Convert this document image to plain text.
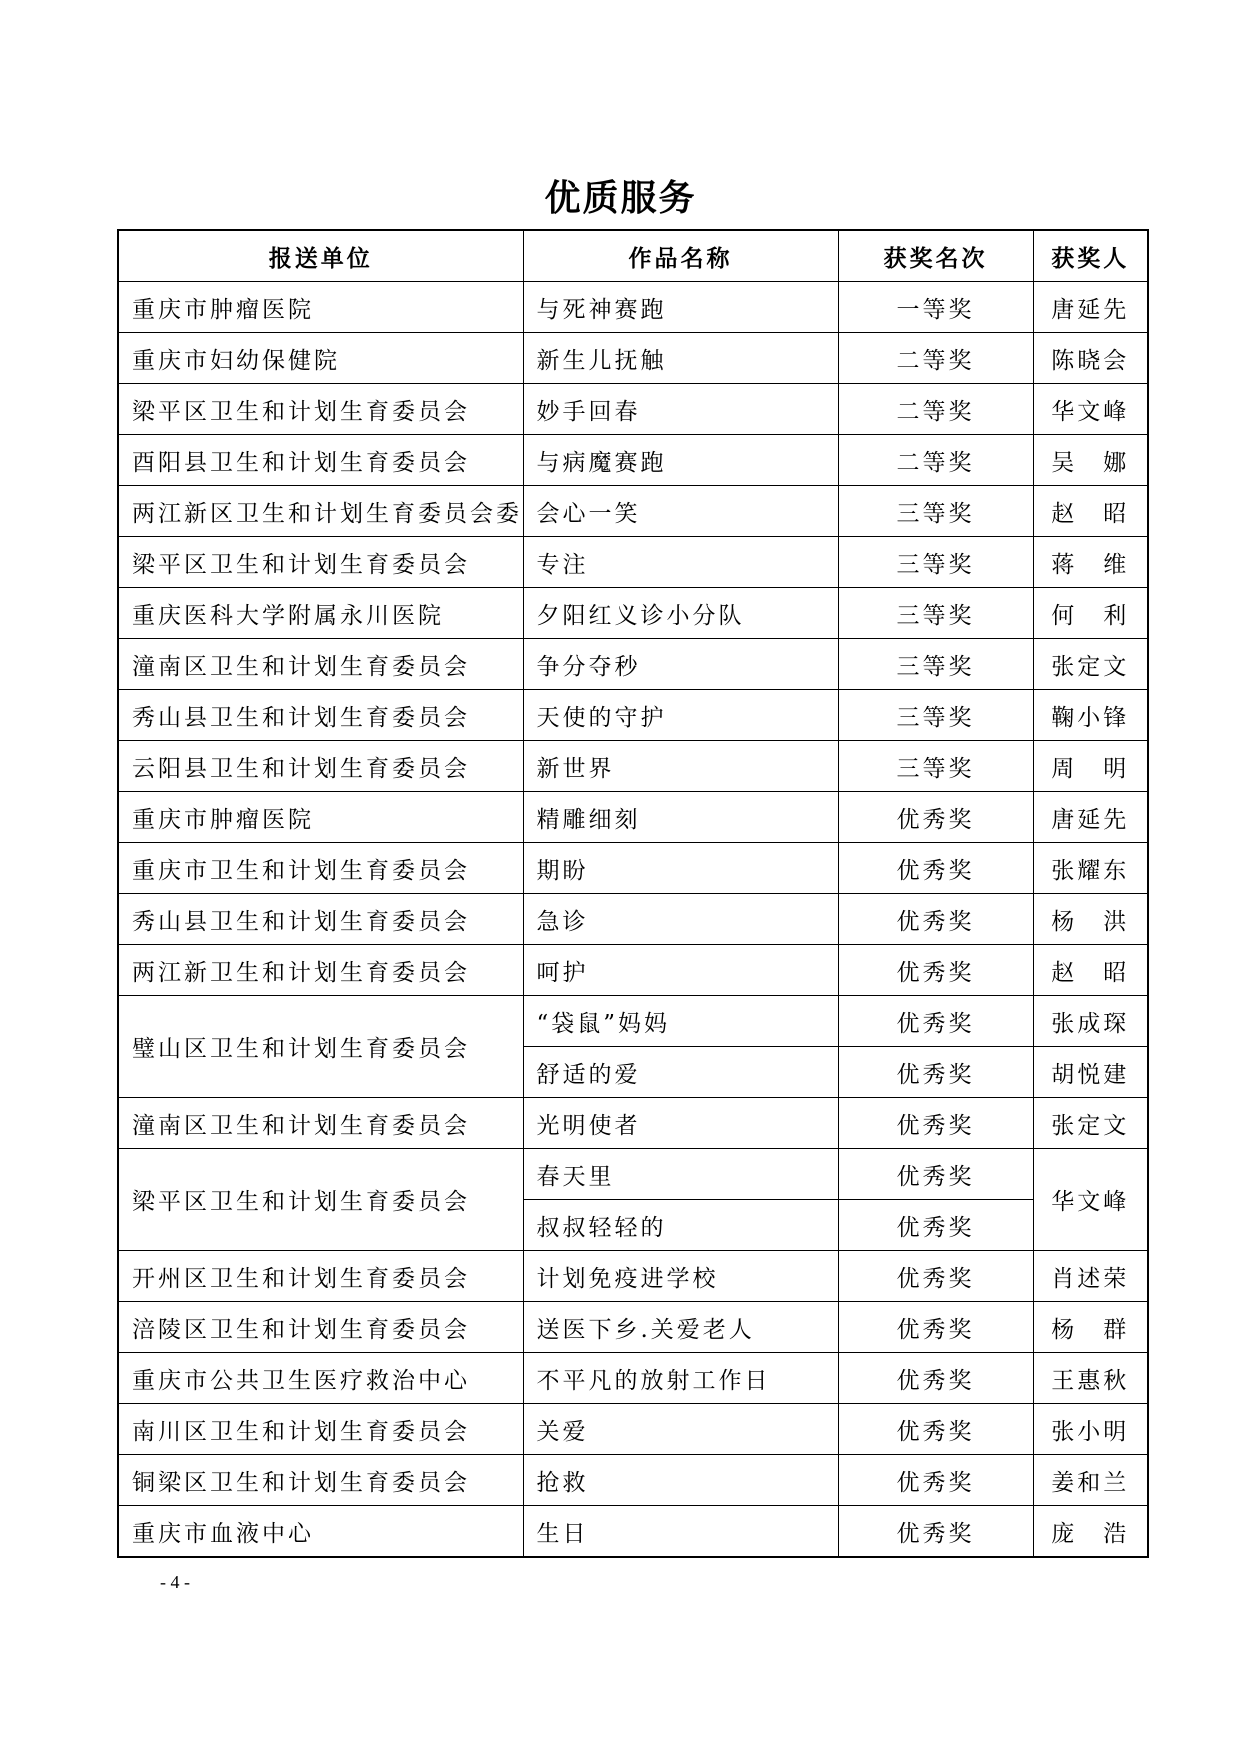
优质服务
报送单位	作品名称	获奖名次	获奖人
重庆市肿瘤医院	与死神赛跑	一等奖	唐延先
重庆市妇幼保健院	新生儿抚触	二等奖	陈晓会
梁平区卫生和计划生育委员会	妙手回春	二等奖	华文峰
酉阳县卫生和计划生育委员会	与病魔赛跑	二等奖	吴　娜
两江新区卫生和计划生育委员会委	会心一笑	三等奖	赵　昭
梁平区卫生和计划生育委员会	专注	三等奖	蒋　维
重庆医科大学附属永川医院	夕阳红义诊小分队	三等奖	何　利
潼南区卫生和计划生育委员会	争分夺秒	三等奖	张定文
秀山县卫生和计划生育委员会	天使的守护	三等奖	鞠小锋
云阳县卫生和计划生育委员会	新世界	三等奖	周　明
重庆市肿瘤医院	精雕细刻	优秀奖	唐延先
重庆市卫生和计划生育委员会	期盼	优秀奖	张耀东
秀山县卫生和计划生育委员会	急诊	优秀奖	杨　洪
两江新卫生和计划生育委员会	呵护	优秀奖	赵　昭
璧山区卫生和计划生育委员会	“袋鼠”妈妈	优秀奖	张成琛
	舒适的爱	优秀奖	胡悦建
潼南区卫生和计划生育委员会	光明使者	优秀奖	张定文
梁平区卫生和计划生育委员会	春天里	优秀奖	华文峰
	叔叔轻轻的	优秀奖	
开州区卫生和计划生育委员会	计划免疫进学校	优秀奖	肖述荣
涪陵区卫生和计划生育委员会	送医下乡.关爱老人	优秀奖	杨　群
重庆市公共卫生医疗救治中心	不平凡的放射工作日	优秀奖	王惠秋
南川区卫生和计划生育委员会	关爱	优秀奖	张小明
铜梁区卫生和计划生育委员会	抢救	优秀奖	姜和兰
重庆市血液中心	生日	优秀奖	庞　浩
- 4 -
